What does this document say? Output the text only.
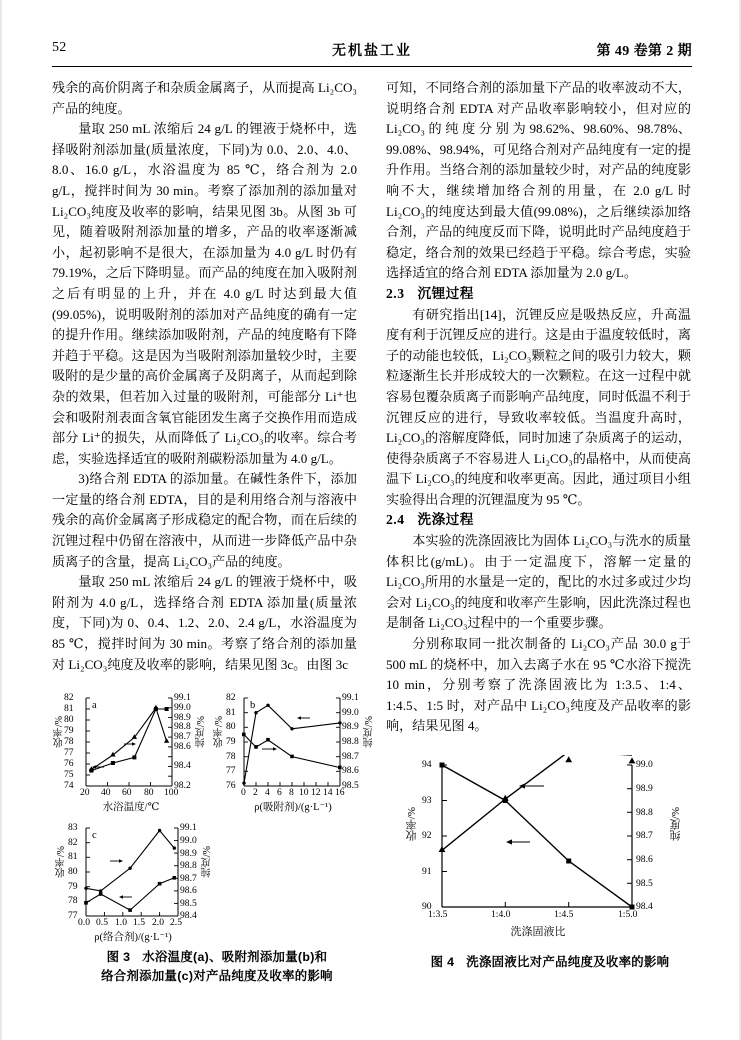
52	无机盐工业	第 49 卷第 2 期

残余的高价阴离子和杂质金属离子，从而提高 Li₂CO₃产品的纯度。

量取 250 mL 浓缩后 24 g/L 的锂液于烧杯中，选择吸附剂添加量(质量浓度，下同)为 0.0、2.0、4.0、8.0、16.0 g/L，水浴温度为 85 ℃，络合剂为 2.0 g/L，搅拌时间为 30 min。考察了添加剂的添加量对 Li₂CO₃纯度及收率的影响，结果见图 3b。从图 3b 可见，随着吸附剂添加量的增多，产品的收率逐渐减小，起初影响不是很大，在添加量为 4.0 g/L 时仍有 79.19%，之后下降明显。而产品的纯度在加入吸附剂之后有明显的上升，并在 4.0 g/L 时达到最大值(99.05%)，说明吸附剂的添加对产品纯度的确有一定的提升作用。继续添加吸附剂，产品的纯度略有下降并趋于平稳。这是因为当吸附剂添加量较少时，主要吸附的是少量的高价金属离子及阴离子，从而起到除杂的效果，但若加入过量的吸附剂，可能部分 Li⁺也会和吸附剂表面含氧官能团发生离子交换作用而造成部分 Li⁺的损失，从而降低了 Li₂CO₃的收率。综合考虑，实验选择适宜的吸附剂碳粉添加量为 4.0 g/L。

3)络合剂 EDTA 的添加量。在碱性条件下，添加一定量的络合剂 EDTA，目的是利用络合剂与溶液中残余的高价金属离子形成稳定的配合物，而在后续的沉锂过程中仍留在溶液中，从而进一步降低产品中杂质离子的含量，提高 Li₂CO₃产品的纯度。

量取 250 mL 浓缩后 24 g/L 的锂液于烧杯中，吸附剂为 4.0 g/L，选择络合剂 EDTA 添加量(质量浓度，下同)为 0、0.4、1.2、2.0、2.4 g/L，水浴温度为 85 ℃，搅拌时间为 30 min。考察了络合剂的添加量对 Li₂CO₃纯度及收率的影响，结果见图 3c。由图 3c

可知，不同络合剂的添加量下产品的收率波动不大，说明络合剂 EDTA 对产品收率影响较小，但对应的 Li₂CO₃ 的 纯 度 分 别 为 98.62%、98.60%、98.78%、99.08%、98.94%，可见络合剂对产品纯度有一定的提升作用。当络合剂的添加量较少时，对产品的纯度影响不大，继续增加络合剂的用量，在 2.0 g/L 时 Li₂CO₃的纯度达到最大值(99.08%)，之后继续添加络合剂，产品的纯度反而下降，说明此时产品纯度趋于稳定，络合剂的效果已经趋于平稳。综合考虑，实验选择适宜的络合剂 EDTA 添加量为 2.0 g/L。

2.3 沉锂过程

有研究指出[14]，沉锂反应是吸热反应，升高温度有利于沉锂反应的进行。这是由于温度较低时，离子的动能也较低，Li₂CO₃颗粒之间的吸引力较大，颗粒逐渐生长并形成较大的一次颗粒。在这一过程中就容易包覆杂质离子而影响产品纯度，同时低温不利于沉锂反应的进行，导致收率较低。当温度升高时，Li₂CO₃的溶解度降低，同时加速了杂质离子的运动，使得杂质离子不容易进人 Li₂CO₃的晶格中，从而使高温下 Li₂CO₃的纯度和收率更高。因此，通过项目小组实验得出合理的沉锂温度为 95 ℃。

2.4 洗涤过程

本实验的洗涤固液比为固体 Li₂CO₃与洗水的质量体积比(g/mL)。由于一定温度下，溶解一定量的 Li₂CO₃所用的水量是一定的，配比的水过多或过少均会对 Li₂CO₃的纯度和收率产生影响，因此洗涤过程也是制备 Li₂CO₃过程中的一个重要步骤。

分别称取同一批次制备的 Li₂CO₃产品 30.0 g于 500 mL 的烧杯中，加入去离子水在 95 ℃水浴下搅洗 10 min，分别考察了洗涤固液比为 1:3.5、1:4、1:4.5、1:5 时，对产品中 Li₂CO₃纯度及产品收率的影响，结果见图 4。

a
74
75
76
77
78
79
80
81
82
98.2
98.4
98.6
98.7
98.8
98.9
99.0
99.1
20 40 60 80 100
水浴温度/℃
收率/%	纯度/%
b
76
77
78
79
80
81
82
98.5
98.6
98.7
98.8
98.9
99.0
99.1
0 2 4 6 8 10 12 14 16
ρ(吸附剂)/(g·L⁻¹)
收率/%	纯度/%
c
77
78
79
80
81
82
83
98.4
98.5
98.6
98.7
98.8
98.9
99.0
99.1
0.0 0.5 1.0 1.5 2.0 2.5
ρ(络合剂)/(g·L⁻¹)
收率/%	纯度/%
图 3 水浴温度(a)、吸附剂添加量(b)和
络合剂添加量(c)对产品纯度及收率的影响
90
91
92
93
94
98.4
98.5
98.6
98.7
98.8
98.9
99.0
1:3.5	1:4.0	1:4.5	1:5.0
洗涤固液比
收率/%	纯度/%
图 4 洗涤固液比对产品纯度及收率的影响
